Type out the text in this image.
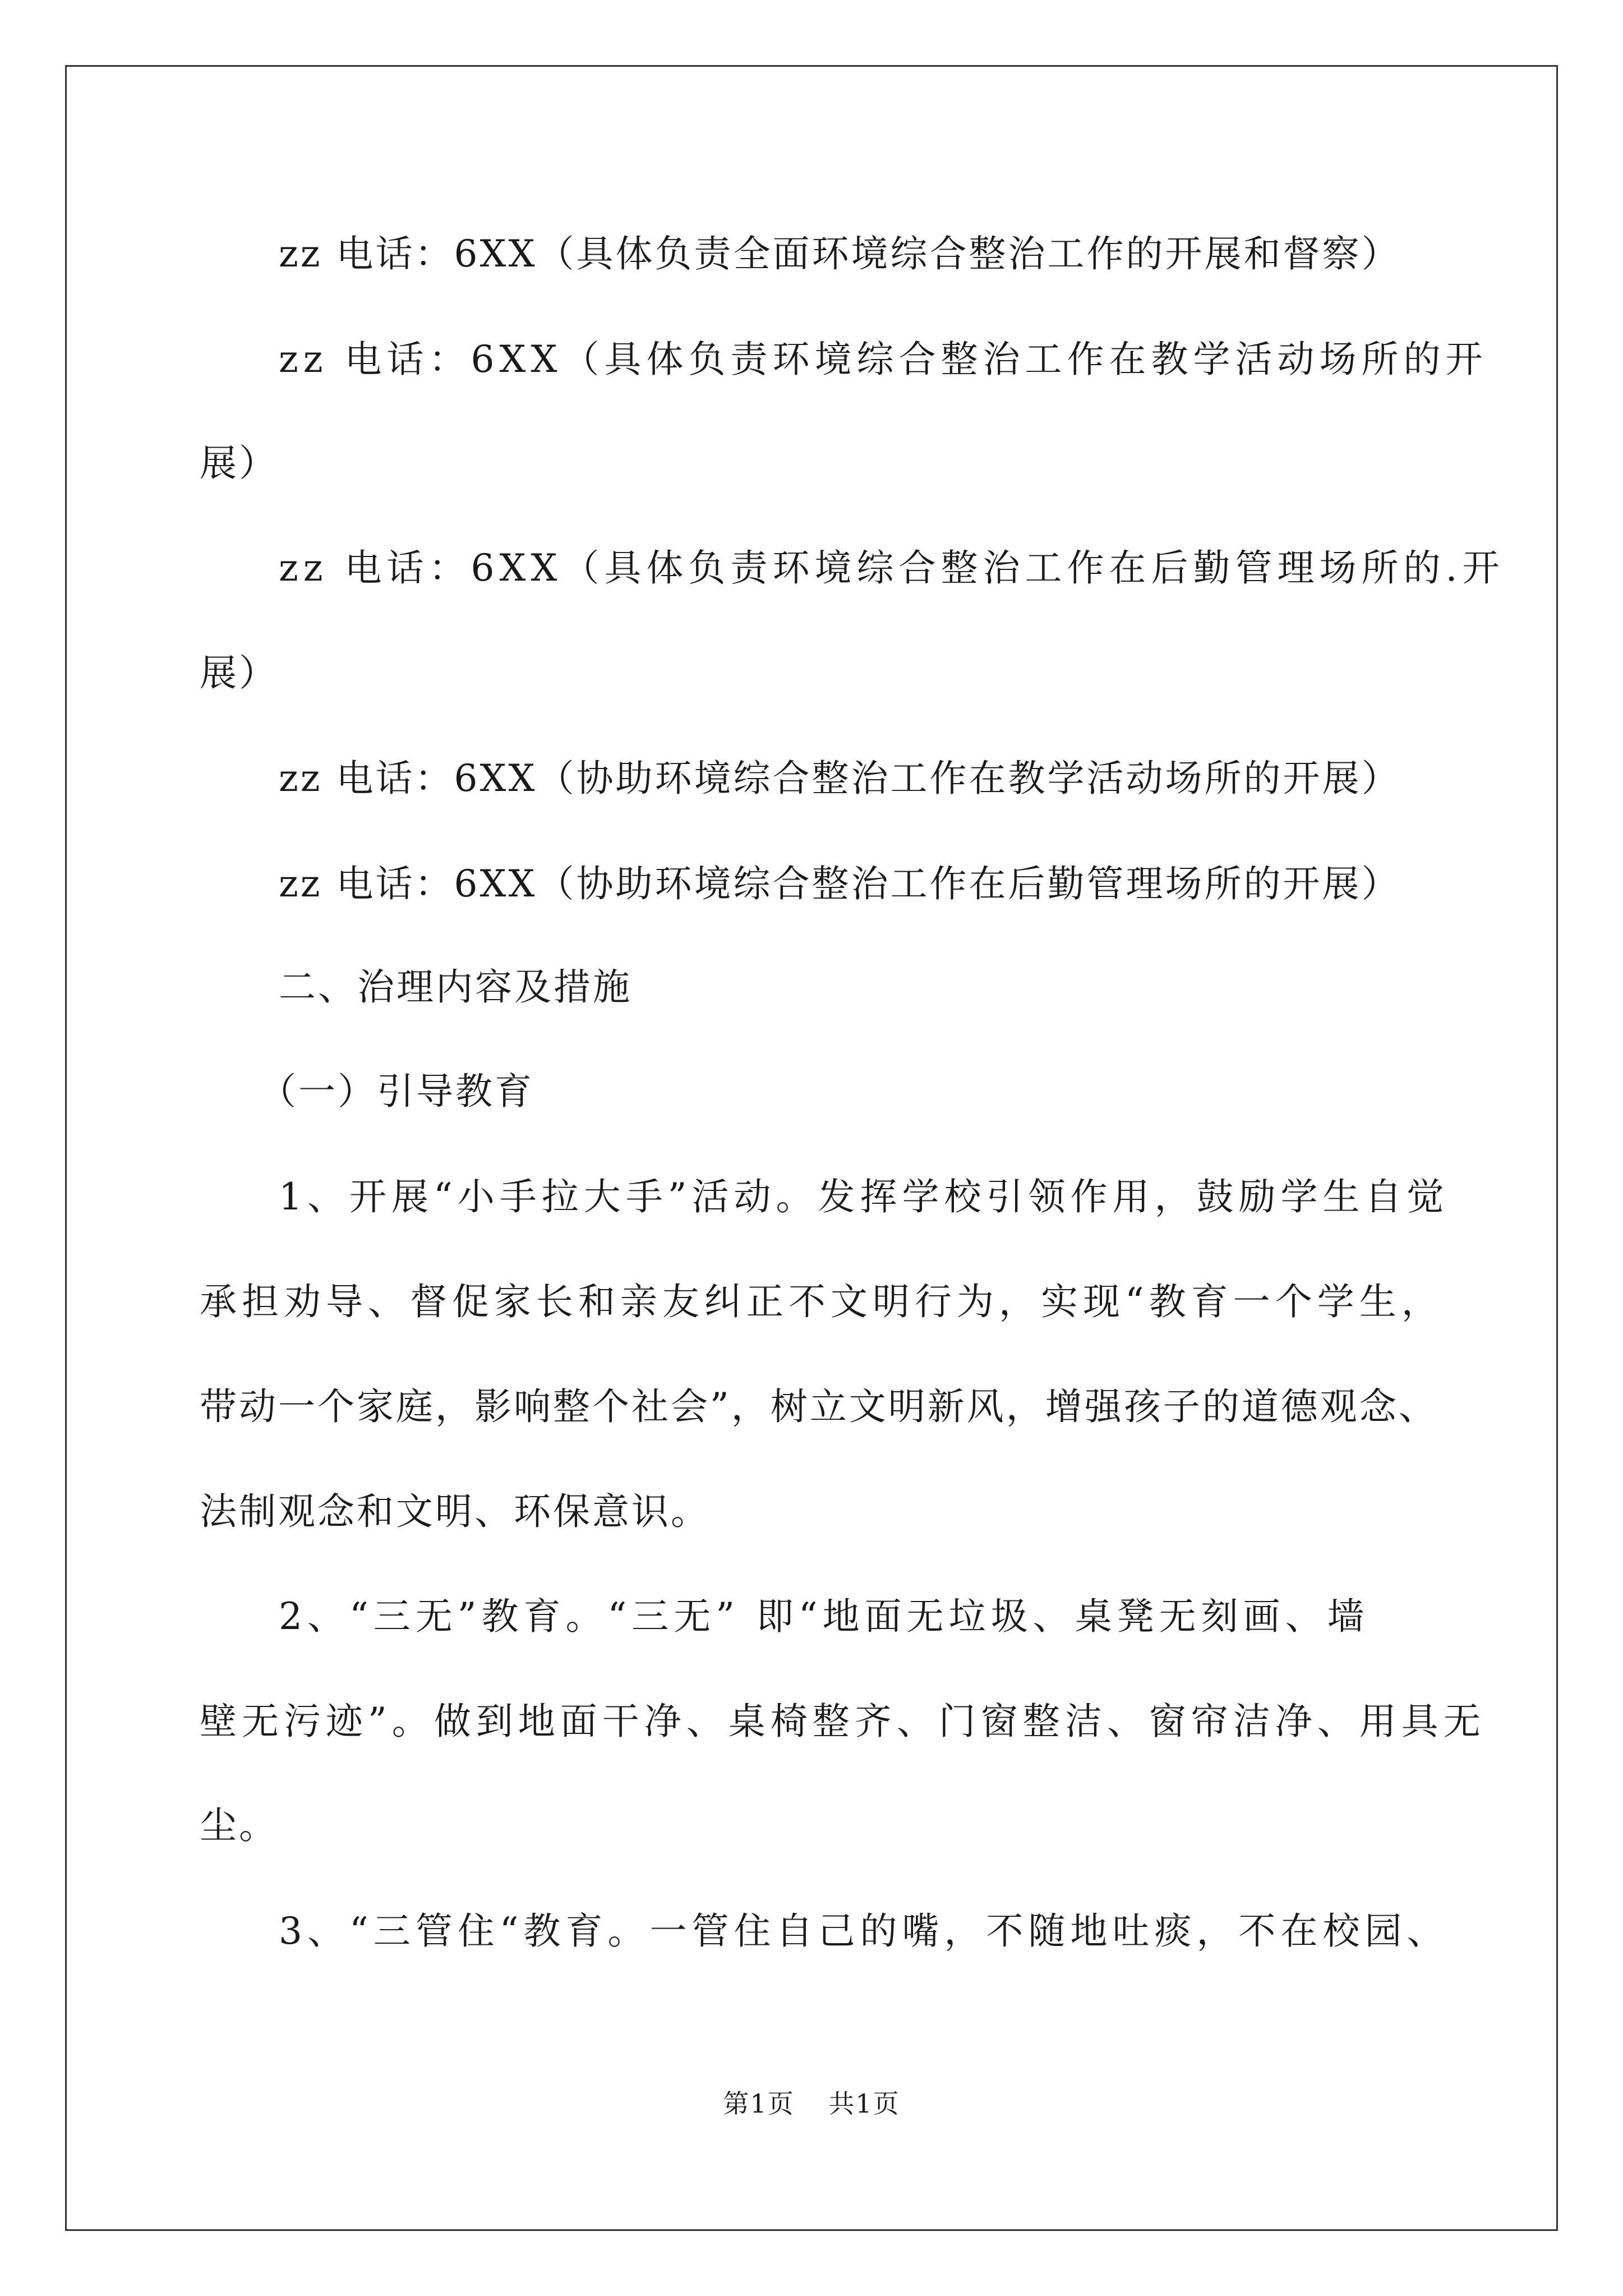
zz 电话：6XX（具体负责全面环境综合整治工作的开展和督察）
zz 电话：6XX（具体负责环境综合整治工作在教学活动场所的开
展）
zz 电话：6XX（具体负责环境综合整治工作在后勤管理场所的.开
展）
zz 电话：6XX（协助环境综合整治工作在教学活动场所的开展）
zz 电话：6XX（协助环境综合整治工作在后勤管理场所的开展）
二、治理内容及措施
（一）引导教育
1、开展“小手拉大手”活动。发挥学校引领作用，鼓励学生自觉
承担劝导、督促家长和亲友纠正不文明行为，实现“教育一个学生，
带动一个家庭，影响整个社会”，树立文明新风，增强孩子的道德观念、
法制观念和文明、环保意识。
2、“三无”教育。“三无” 即“地面无垃圾、桌凳无刻画、墙
壁无污迹”。做到地面干净、桌椅整齐、门窗整洁、窗帘洁净、用具无
尘。
3、“三管住“教育。一管住自己的嘴，不随地吐痰，不在校园、
第1页 共1页
